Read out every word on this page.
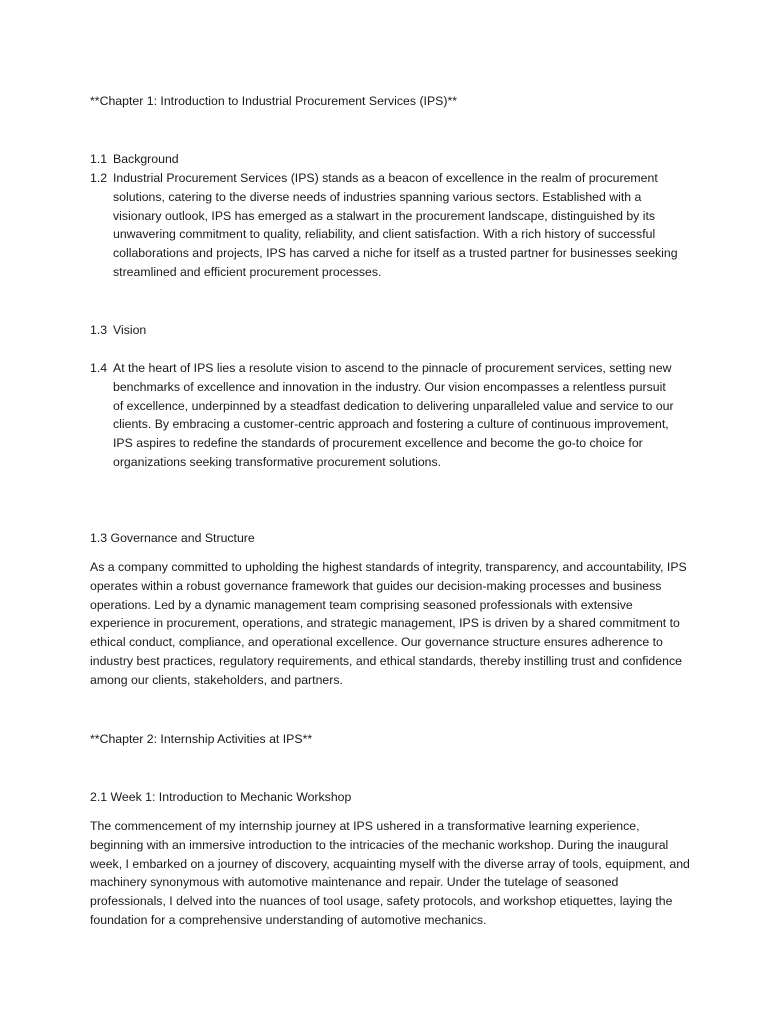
**Chapter 1: Introduction to Industrial Procurement Services (IPS)**

1.1 Background
1.2 Industrial Procurement Services (IPS) stands as a beacon of excellence in the realm of procurement solutions, catering to the diverse needs of industries spanning various sectors. Established with a visionary outlook, IPS has emerged as a stalwart in the procurement landscape, distinguished by its unwavering commitment to quality, reliability, and client satisfaction. With a rich history of successful collaborations and projects, IPS has carved a niche for itself as a trusted partner for businesses seeking streamlined and efficient procurement processes.
1.3 Vision
1.4 At the heart of IPS lies a resolute vision to ascend to the pinnacle of procurement services, setting new benchmarks of excellence and innovation in the industry. Our vision encompasses a relentless pursuit of excellence, underpinned by a steadfast dedication to delivering unparalleled value and service to our clients. By embracing a customer-centric approach and fostering a culture of continuous improvement, IPS aspires to redefine the standards of procurement excellence and become the go-to choice for organizations seeking transformative procurement solutions.

1.3 Governance and Structure

As a company committed to upholding the highest standards of integrity, transparency, and accountability, IPS operates within a robust governance framework that guides our decision-making processes and business operations. Led by a dynamic management team comprising seasoned professionals with extensive experience in procurement, operations, and strategic management, IPS is driven by a shared commitment to ethical conduct, compliance, and operational excellence. Our governance structure ensures adherence to industry best practices, regulatory requirements, and ethical standards, thereby instilling trust and confidence among our clients, stakeholders, and partners.

**Chapter 2: Internship Activities at IPS**

2.1 Week 1: Introduction to Mechanic Workshop

The commencement of my internship journey at IPS ushered in a transformative learning experience, beginning with an immersive introduction to the intricacies of the mechanic workshop. During the inaugural week, I embarked on a journey of discovery, acquainting myself with the diverse array of tools, equipment, and machinery synonymous with automotive maintenance and repair. Under the tutelage of seasoned professionals, I delved into the nuances of tool usage, safety protocols, and workshop etiquettes, laying the foundation for a comprehensive understanding of automotive mechanics.
